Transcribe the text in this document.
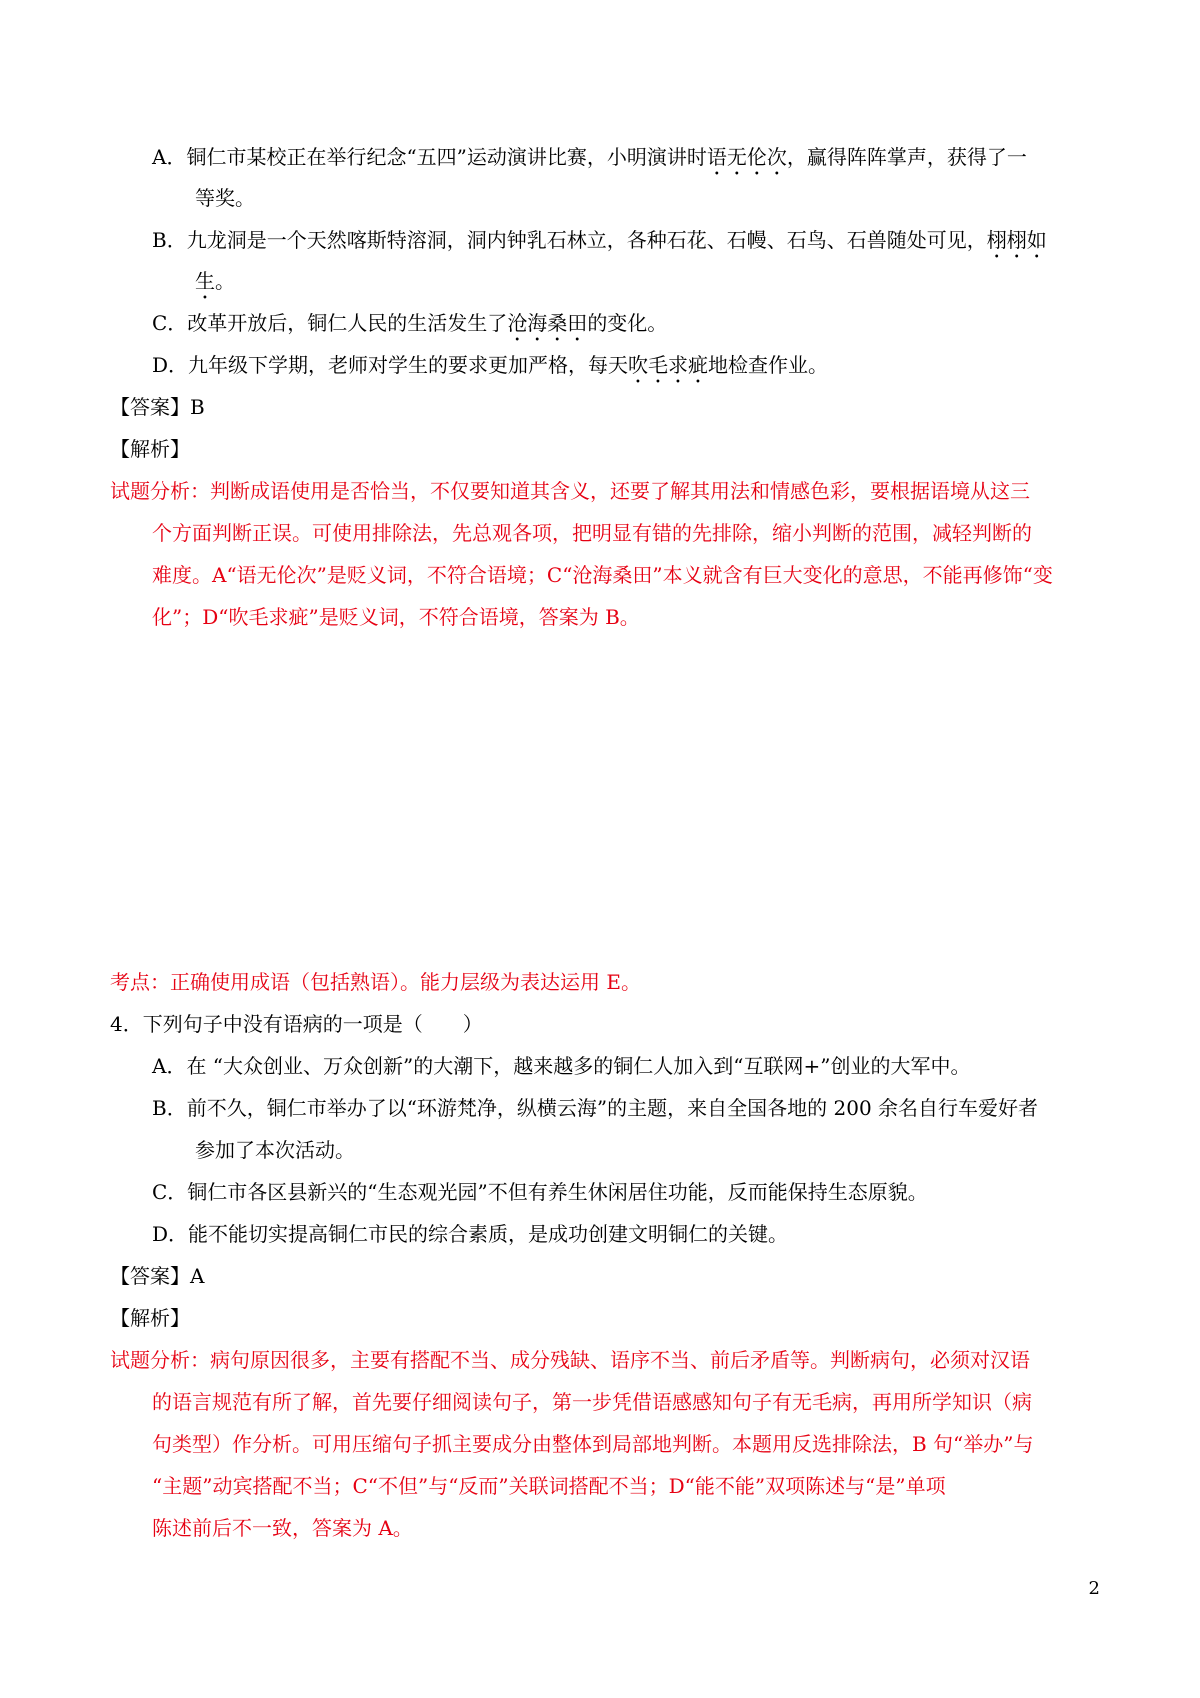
A．铜仁市某校正在举行纪念“五四”运动演讲比赛，小明演讲时语无伦次，赢得阵阵掌声，获得了一
等奖。
B．九龙洞是一个天然喀斯特溶洞，洞内钟乳石林立，各种石花、石幔、石鸟、石兽随处可见，栩栩如
生。
C．改革开放后，铜仁人民的生活发生了沧海桑田的变化。
D．九年级下学期，老师对学生的要求更加严格，每天吹毛求疵地检查作业。
【答案】B
【解析】
试题分析：判断成语使用是否恰当，不仅要知道其含义，还要了解其用法和情感色彩，要根据语境从这三
个方面判断正误。可使用排除法，先总观各项，把明显有错的先排除，缩小判断的范围，减轻判断的
难度。A“语无伦次”是贬义词，不符合语境；C“沧海桑田”本义就含有巨大变化的意思，不能再修饰“变
化”；D“吹毛求疵”是贬义词，不符合语境，答案为 B。
考点：正确使用成语（包括熟语）。能力层级为表达运用 E。
4．下列句子中没有语病的一项是（　　）
A．在 “大众创业、万众创新”的大潮下，越来越多的铜仁人加入到“互联网+”创业的大军中。
B．前不久，铜仁市举办了以“环游梵净，纵横云海”的主题，来自全国各地的 200 余名自行车爱好者
参加了本次活动。
C．铜仁市各区县新兴的“生态观光园”不但有养生休闲居住功能，反而能保持生态原貌。
D．能不能切实提高铜仁市民的综合素质，是成功创建文明铜仁的关键。
【答案】A
【解析】
试题分析：病句原因很多，主要有搭配不当、成分残缺、语序不当、前后矛盾等。判断病句，必须对汉语
的语言规范有所了解，首先要仔细阅读句子，第一步凭借语感感知句子有无毛病，再用所学知识（病
句类型）作分析。可用压缩句子抓主要成分由整体到局部地判断。本题用反选排除法，B 句“举办”与
“主题”动宾搭配不当；C“不但”与“反而”关联词搭配不当；D“能不能”双项陈述与“是”单项
陈述前后不一致，答案为 A。
2
